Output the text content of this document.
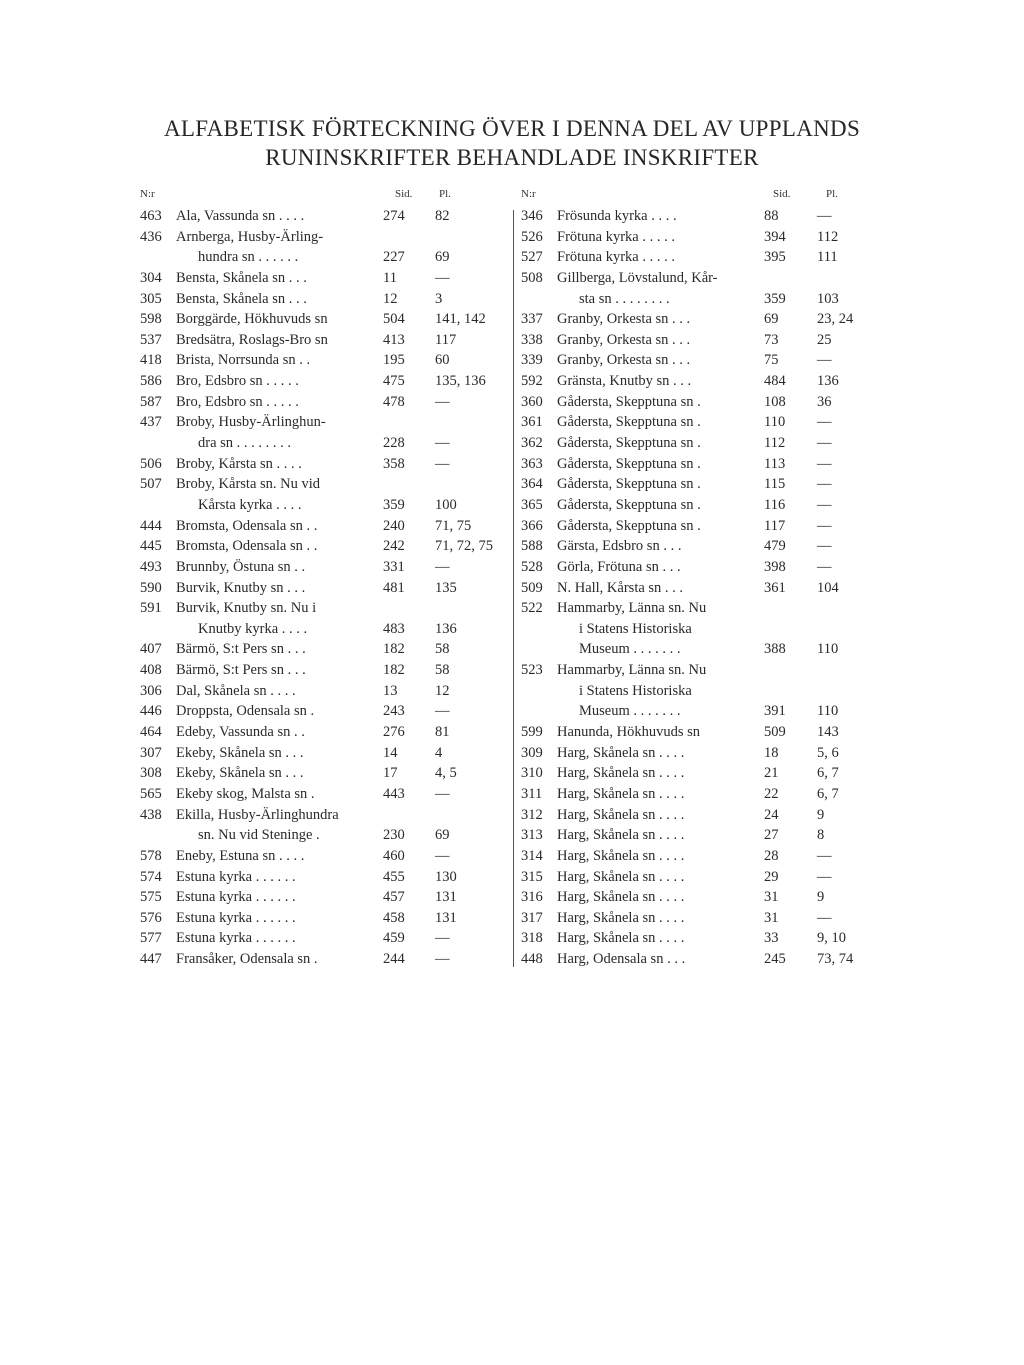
ALFABETISK FÖRTECKNING ÖVER I DENNA DEL AV UPPLANDS
RUNINSKRIFTER BEHANDLADE INSKRIFTER
N:r	Sid. Pl.
463 Ala, Vassunda sn . . . .	274 82
436 Arnberga, Husby-Ärling-
hundra sn . . . . . .	227 69
304 Bensta, Skånela sn . . .	11	—
305 Bensta, Skånela sn . . .	12	3
598 Borggärde, Hökhuvuds sn	504 141, 142
537 Bredsätra, Roslags-Bro sn	413 117
418 Brista, Norrsunda sn . .	195 60
586 Bro, Edsbro sn . . . . .	475 135, 136
587 Bro, Edsbro sn . . . . .	478 —
437 Broby, Husby-Ärlinghun-
dra sn . . . . . . . .	228 —
506 Broby, Kårsta sn . . . .	358 —
507 Broby, Kårsta sn. Nu vid
Kårsta kyrka . . . .	359 100
444 Bromsta, Odensala sn . .	240 71, 75
445 Bromsta, Odensala sn . .	242 71, 72, 75
493 Brunnby, Östuna sn . .	331 —
590 Burvik, Knutby sn . . .	481 135
591 Burvik, Knutby sn. Nu i
Knutby kyrka . . . .	483 136
407 Bärmö, S:t Pers sn . . .	182 58
408 Bärmö, S:t Pers sn . . .	182 58
306 Dal, Skånela sn . . . .	13	12
446 Droppsta, Odensala sn .	243 —
464 Edeby, Vassunda sn . .	276 81
307 Ekeby, Skånela sn . . .	14	4
308 Ekeby, Skånela sn . . .	17	4, 5
565 Ekeby skog, Malsta sn .	443 —
438 Ekilla, Husby-Ärlinghundra
sn. Nu vid Steninge .	230 69
578 Eneby, Estuna sn . . . .	460 —
574 Estuna kyrka . . . . . .	455 130
575 Estuna kyrka . . . . . .	457 131
576 Estuna kyrka . . . . . .	458 131
577 Estuna kyrka . . . . . .	459 —
447 Fransåker, Odensala sn .	244 —
N:r	Sid.	Pl.
346 Frösunda kyrka . . . .	88	—
526 Frötuna kyrka . . . . .	394 112
527 Frötuna kyrka . . . . .	395 111
508 Gillberga, Lövstalund, Kår-
sta sn . . . . . . . .	359 103
337 Granby, Orkesta sn . . .	69	23, 24
338 Granby, Orkesta sn . . .	73	25
339 Granby, Orkesta sn . . .	75	—
592 Gränsta, Knutby sn . . .	484 136
360 Gådersta, Skepptuna sn .	108 36
361 Gådersta, Skepptuna sn .	110 —
362 Gådersta, Skepptuna sn .	112 —
363 Gådersta, Skepptuna sn .	113 —
364 Gådersta, Skepptuna sn .	115 —
365 Gådersta, Skepptuna sn .	116 —
366 Gådersta, Skepptuna sn .	117 —
588 Gärsta, Edsbro sn . . .	479 —
528 Görla, Frötuna sn . . .	398 —
509 N. Hall, Kårsta sn . . .	361 104
522 Hammarby, Länna sn. Nu
i Statens Historiska
Museum . . . . . . .	388 110
523 Hammarby, Länna sn. Nu
i Statens Historiska
Museum . . . . . . .	391 110
599 Hanunda, Hökhuvuds sn	509 143
309 Harg, Skånela sn . . . .	18	5, 6
310 Harg, Skånela sn . . . .	21	6, 7
311 Harg, Skånela sn . . . .	22	6, 7
312 Harg, Skånela sn . . . .	24	9
313 Harg, Skånela sn . . . .	27	8
314 Harg, Skånela sn . . . .	28	—
315 Harg, Skånela sn . . . .	29	—
316 Harg, Skånela sn . . . .	31	9
317 Harg, Skånela sn . . . .	31	—
318 Harg, Skånela sn . . . .	33	9, 10
448 Harg, Odensala sn . . .	245 73, 74
